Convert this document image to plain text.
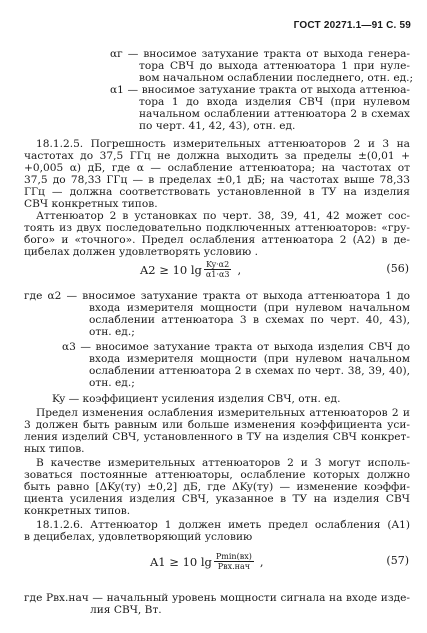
ГОСТ 20271.1—91 С. 59
αг — вносимое затухание тракта от выхода генера-
тора СВЧ до выхода аттенюатора 1 при нуле-
вом начальном ослаблении последнего, отн. ед.;
α1 — вносимое затухание тракта от выхода аттенюа-
тора 1 до входа изделия СВЧ (при нулевом
начальном ослаблении аттенюатора 2 в схемах
по черт. 41, 42, 43), отн. ед.
18.1.2.5. Погрешность измерительных аттенюаторов 2 и 3 на
частотах до 37,5 ГГц не должна выходить за пределы ±(0,01 +
+0,005 α) дБ, где α — ослабление аттенюатора; на частотах от
37,5 до 78,33 ГГц — в пределах ±0,1 дБ; на частотах выше 78,33
ГГц — должна соответствовать установленной в ТУ на изделия
СВЧ конкретных типов.
Аттенюатор 2 в установках по черт. 38, 39, 41, 42 может сос-
тоять из двух последовательно подключенных аттенюаторов: «гру-
бого» и «точного». Предел ослабления аттенюатора 2 (A2) в де-
цибелах должен удовлетворять условию .
где α2 — вносимое затухание тракта от выхода аттенюатора 1 до
входа измерителя мощности (при нулевом начальном
ослаблении аттенюатора 3 в схемах по черт. 40, 43),
отн. ед.;
α3 — вносимое затухание тракта от выхода изделия СВЧ до
входа измерителя мощности (при нулевом начальном
ослаблении аттенюатора 2 в схемах по черт. 38, 39, 40),
отн. ед.;
Ky — коэффициент усиления изделия СВЧ, отн. ед.
Предел изменения ослабления измерительных аттенюаторов 2 и
3 должен быть равным или больше изменения коэффициента уси-
ления изделий СВЧ, установленного в ТУ на изделия СВЧ конкрет-
ных типов.
В качестве измерительных аттенюаторов 2 и 3 могут исполь-
зоваться постоянные аттенюаторы, ослабление которых должно
быть равно [ΔKy(ту) ±0,2] дБ, где ΔKy(ту) — изменение коэффи-
циента усиления изделия СВЧ, указанное в ТУ на изделия СВЧ
конкретных типов.
18.1.2.6. Аттенюатор 1 должен иметь предел ослабления (A1)
в децибелах, удовлетворяющий условию
где Pвх.нач — начальный уровень мощности сигнала на входе изде-
лия СВЧ, Вт.
A2 ≥ 10 $\lg \frac{Ky\cdot\alpha 2}{\alpha 1\cdot\alpha 3}$ ,	(56)
A1 ≥ 10 $\lg \frac{Pmin(вх)}{\text{Pвх.нач}}$ ,	(57)
